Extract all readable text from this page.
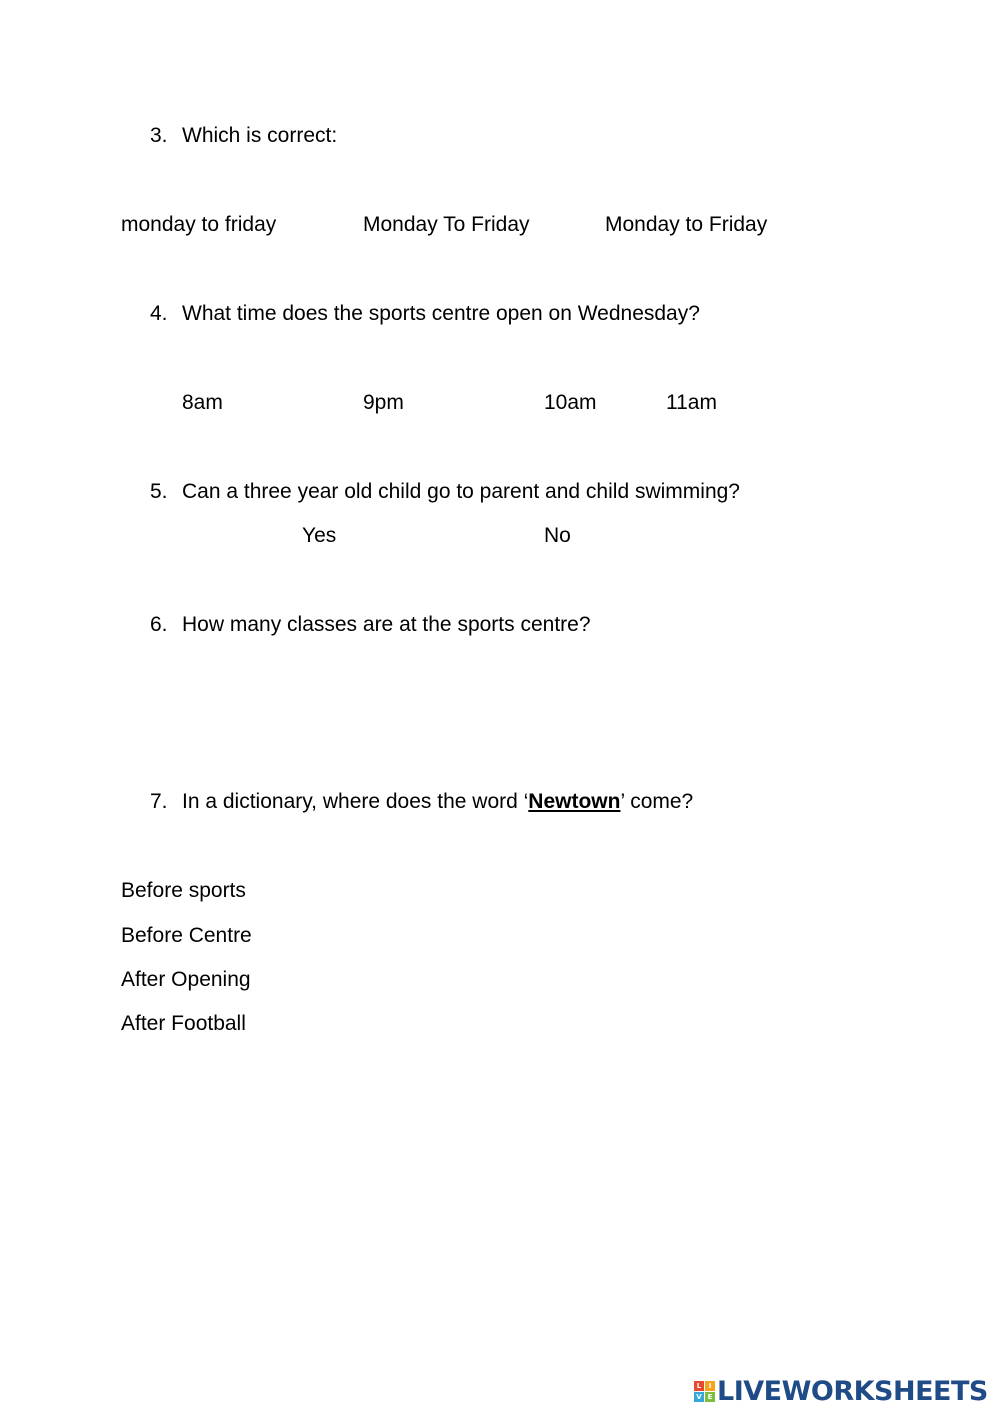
3. Which is correct:
monday to friday	Monday To Friday	Monday to Friday
4. What time does the sports centre open on Wednesday?
8am	9pm	10am	11am
5. Can a three year old child go to parent and child swimming?
Yes	No
6. How many classes are at the sports centre?
7. In a dictionary, where does the word ‘Newtown’ come?
Before sports
Before Centre
After Opening
After Football
L	I
V E LIVEWORKSHEETS
